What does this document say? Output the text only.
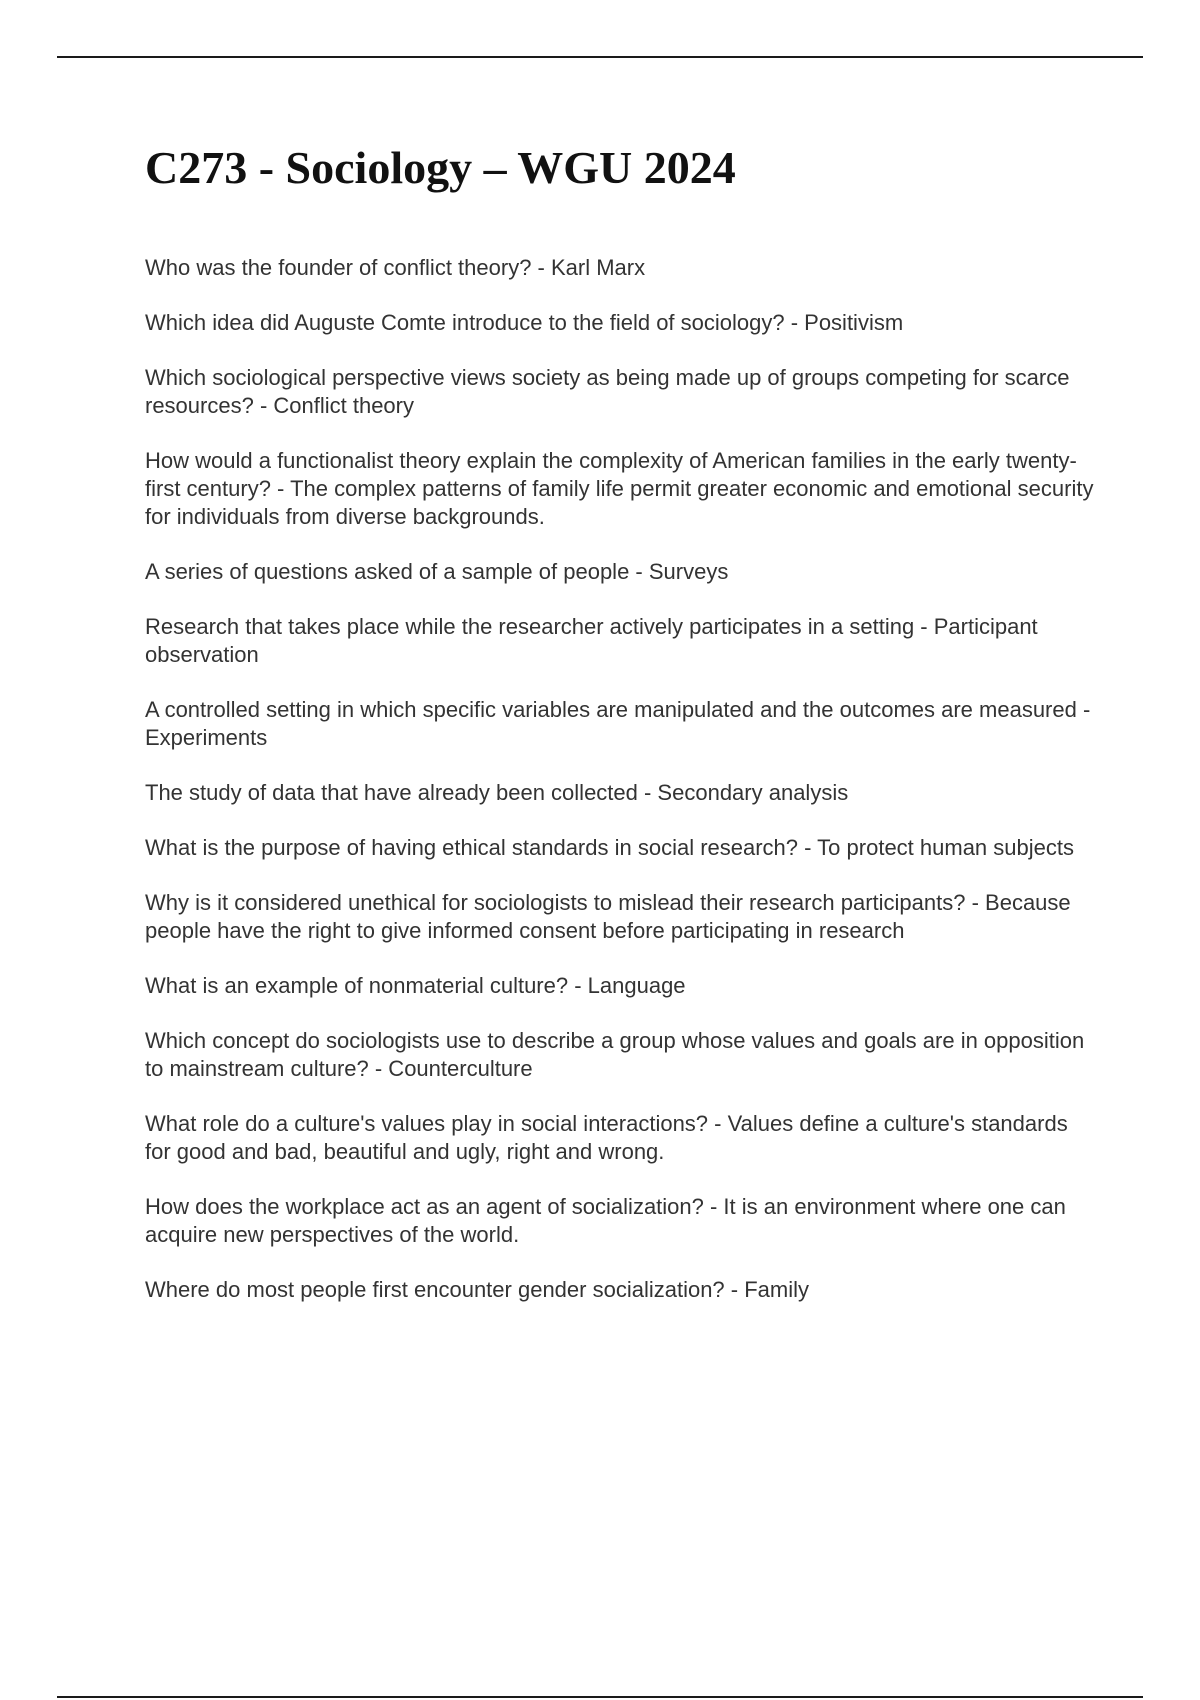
C273 - Sociology – WGU 2024
Who was the founder of conflict theory? - Karl Marx
Which idea did Auguste Comte introduce to the field of sociology? - Positivism
Which sociological perspective views society as being made up of groups competing for scarce resources? - Conflict theory
How would a functionalist theory explain the complexity of American families in the early twenty-first century? - The complex patterns of family life permit greater economic and emotional security for individuals from diverse backgrounds.
A series of questions asked of a sample of people - Surveys
Research that takes place while the researcher actively participates in a setting - Participant observation
A controlled setting in which specific variables are manipulated and the outcomes are measured - Experiments
The study of data that have already been collected - Secondary analysis
What is the purpose of having ethical standards in social research? - To protect human subjects
Why is it considered unethical for sociologists to mislead their research participants? - Because people have the right to give informed consent before participating in research
What is an example of nonmaterial culture? - Language
Which concept do sociologists use to describe a group whose values and goals are in opposition to mainstream culture? - Counterculture
What role do a culture's values play in social interactions? - Values define a culture's standards for good and bad, beautiful and ugly, right and wrong.
How does the workplace act as an agent of socialization? - It is an environment where one can acquire new perspectives of the world.
Where do most people first encounter gender socialization? - Family
